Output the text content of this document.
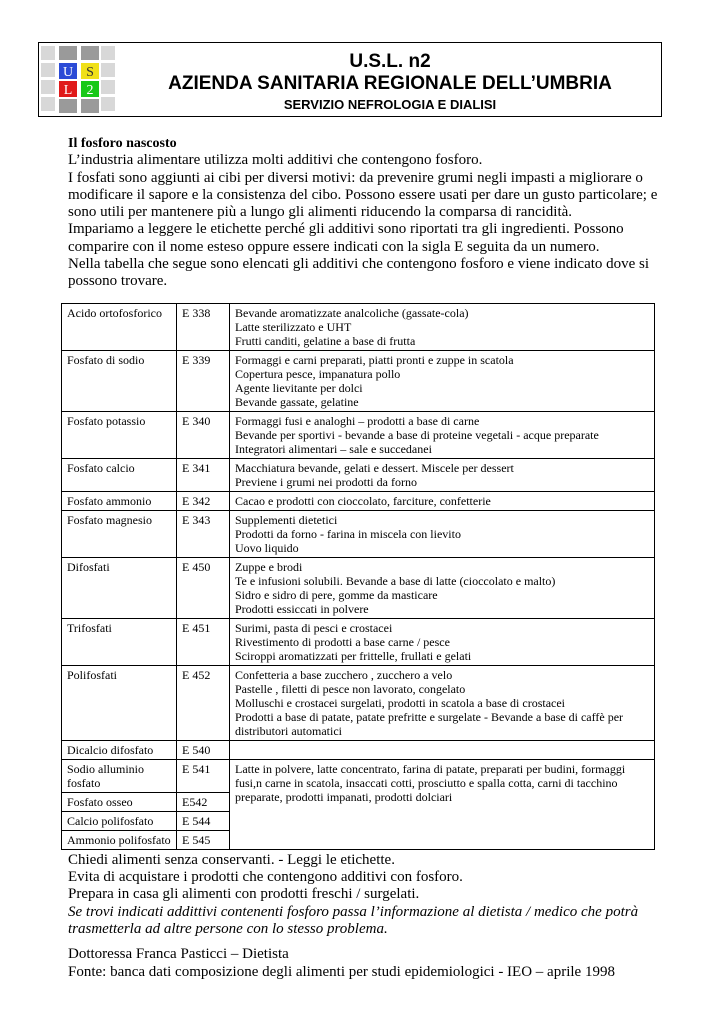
U S
L 2
U.S.L. n2
AZIENDA SANITARIA REGIONALE DELL’UMBRIA
SERVIZIO NEFROLOGIA E DIALISI

Il fosforo nascosto

L’industria alimentare utilizza molti additivi che contengono fosforo.

I fosfati sono aggiunti ai cibi per diversi motivi: da prevenire grumi negli impasti a migliorare o modificare il sapore e la consistenza del cibo. Possono essere usati per dare un gusto particolare; e sono utili per mantenere più a lungo gli alimenti riducendo la comparsa di rancidità.

Impariamo a leggere le etichette perché gli additivi sono riportati tra gli ingredienti. Possono comparire con il nome esteso oppure essere indicati con la sigla E seguita da un numero.

Nella tabella che segue sono elencati gli additivi che contengono fosforo e viene indicato dove si possono trovare.

Acido ortofosforico	E 338	Bevande aromatizzate analcoliche (gassate-cola)
Latte sterilizzato e UHT
Frutti canditi, gelatine a base di frutta

Fosfato di sodio	E 339	Formaggi e carni preparati, piatti pronti e zuppe in scatola
Copertura pesce, impanatura pollo
Agente lievitante per dolci
Bevande gassate, gelatine

Fosfato potassio	E 340	Formaggi fusi e analoghi – prodotti a base di carne
Bevande per sportivi - bevande a base di proteine vegetali - acque preparate
Integratori alimentari – sale e succedanei

Fosfato calcio	E 341	Macchiatura bevande, gelati e dessert. Miscele per dessert
Previene i grumi nei prodotti da forno

Fosfato ammonio	E 342	Cacao e prodotti con cioccolato, farciture, confetterie

Fosfato magnesio	E 343	Supplementi dietetici
Prodotti da forno - farina in miscela con lievito
Uovo liquido

Difosfati	E 450	Zuppe e brodi
Te e infusioni solubili. Bevande a base di latte (cioccolato e malto)
Sidro e sidro di pere, gomme da masticare
Prodotti essiccati in polvere

Trifosfati	E 451	Surimi, pasta di pesci e crostacei
Rivestimento di prodotti a base carne / pesce
Sciroppi aromatizzati per frittelle, frullati e gelati

Polifosfati	E 452	Confetteria a base zucchero , zucchero a velo
Pastelle , filetti di pesce non lavorato, congelato
Molluschi e crostacei surgelati, prodotti in scatola a base di crostacei
Prodotti a base di patate, patate prefritte e surgelate - Bevande a base di caffè per distributori automatici

Dicalcio difosfato	E 540	
Sodio alluminio fosfato	E 541	Latte in polvere, latte concentrato, farina di patate, preparati per budini, formaggi fusi,n carne in scatola, insaccati cotti, prosciutto e spalla cotta, carni di tacchino preparate, prodotti impanati, prodotti dolciari
Fosfato osseo	E542	
Calcio polifosfato	E 544	
Ammonio polifosfato	E 545	

Chiedi alimenti senza conservanti. - Leggi le etichette.

Evita di acquistare i prodotti che contengono additivi con fosforo.

Prepara in casa gli alimenti con prodotti freschi / surgelati.

Se trovi indicati addittivi contenenti fosforo passa l’informazione al dietista / medico che potrà trasmetterla ad altre persone con lo stesso problema.

Dottoressa Franca Pasticci – Dietista

Fonte: banca dati composizione degli alimenti per studi epidemiologici - IEO – aprile 1998
